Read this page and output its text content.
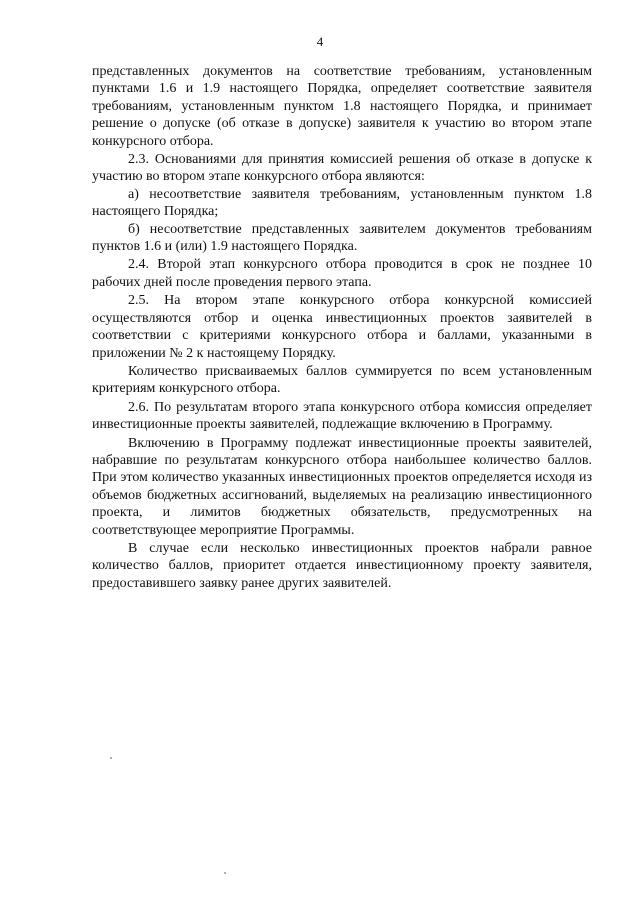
4

представленных документов на соответствие требованиям, установленным пунктами 1.6 и 1.9 настоящего Порядка, определяет соответствие заявителя требованиям, установленным пунктом 1.8 настоящего Порядка, и принимает решение о допуске (об отказе в допуске) заявителя к участию во втором этапе конкурсного отбора.

2.3. Основаниями для принятия комиссией решения об отказе в допуске к участию во втором этапе конкурсного отбора являются:

а) несоответствие заявителя требованиям, установленным пунктом 1.8 настоящего Порядка;

б) несоответствие представленных заявителем документов требованиям пунктов 1.6 и (или) 1.9 настоящего Порядка.

2.4. Второй этап конкурсного отбора проводится в срок не позднее 10 рабочих дней после проведения первого этапа.

2.5. На втором этапе конкурсного отбора конкурсной комиссией осуществляются отбор и оценка инвестиционных проектов заявителей в соответствии с критериями конкурсного отбора и баллами, указанными в приложении № 2 к настоящему Порядку.

Количество присваиваемых баллов суммируется по всем установленным критериям конкурсного отбора.

2.6. По результатам второго этапа конкурсного отбора комиссия определяет инвестиционные проекты заявителей, подлежащие включению в Программу.

Включению в Программу подлежат инвестиционные проекты заявителей, набравшие по результатам конкурсного отбора наибольшее количество баллов. При этом количество указанных инвестиционных проектов определяется исходя из объемов бюджетных ассигнований, выделяемых на реализацию инвестиционного проекта, и лимитов бюджетных обязательств, предусмотренных на соответствующее мероприятие Программы.

В случае если несколько инвестиционных проектов набрали равное количество баллов, приоритет отдается инвестиционному проекту заявителя, предоставившего заявку ранее других заявителей.
